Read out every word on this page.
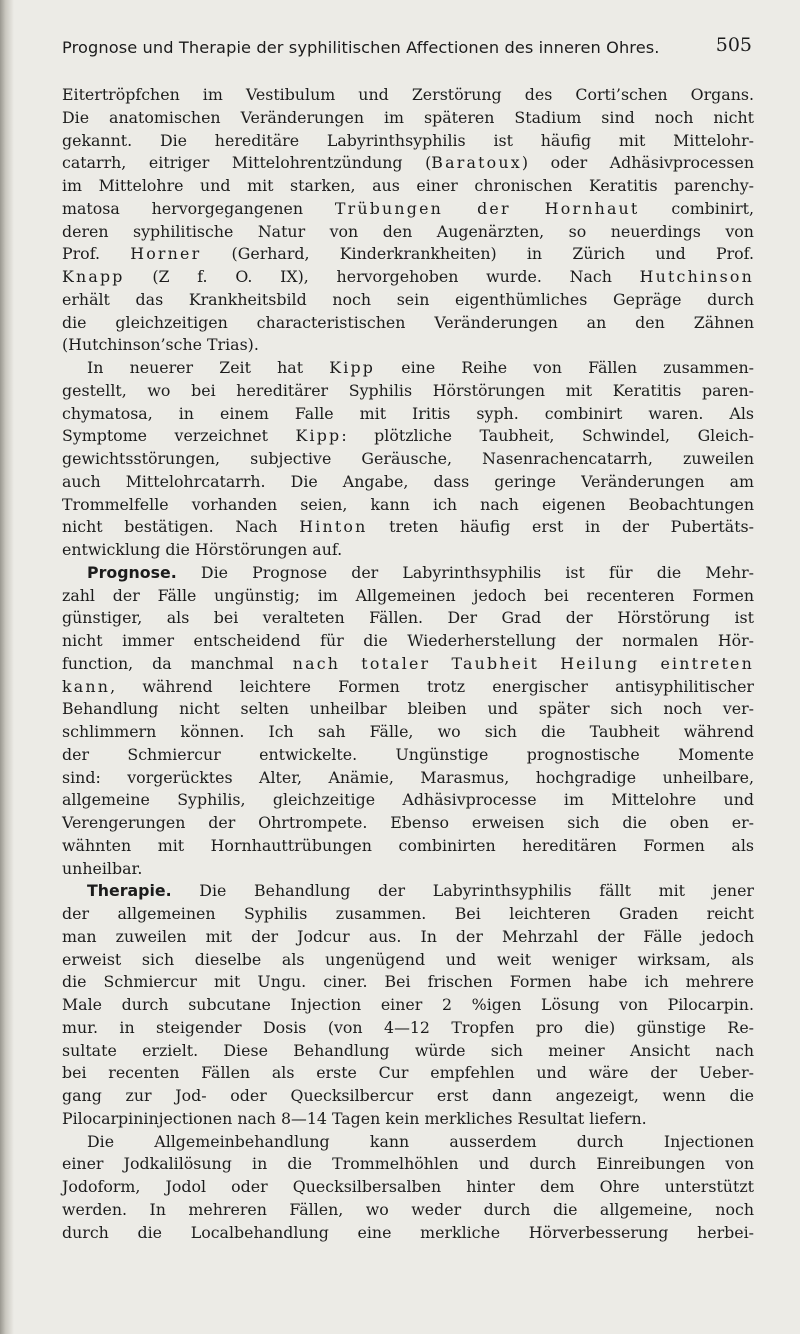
Prognose und Therapie der syphilitischen Affectionen des inneren Ohres.	505
Eitertröpfchen im Vestibulum und Zerstörung des Corti’schen Organs.
Die anatomischen Veränderungen im späteren Stadium sind noch nicht
gekannt. Die hereditäre Labyrinthsyphilis ist häufig mit Mittelohr-
catarrh, eitriger Mittelohrentzündung (Baratoux) oder Adhäsivprocessen
im Mittelohre und mit starken, aus einer chronischen Keratitis parenchy-
matosa hervorgegangenen Trübungen der Hornhaut combinirt,
deren syphilitische Natur von den Augenärzten, so neuerdings von
Prof. Horner (Gerhard, Kinderkrankheiten) in Zürich und Prof.
Knapp (Z f. O. IX), hervorgehoben wurde. Nach Hutchinson
erhält das Krankheitsbild noch sein eigenthümliches Gepräge durch
die gleichzeitigen characteristischen Veränderungen an den Zähnen
(Hutchinson’sche Trias).
In neuerer Zeit hat Kipp eine Reihe von Fällen zusammen-
gestellt, wo bei hereditärer Syphilis Hörstörungen mit Keratitis paren-
chymatosa, in einem Falle mit Iritis syph. combinirt waren. Als
Symptome verzeichnet Kipp: plötzliche Taubheit, Schwindel, Gleich-
gewichtsstörungen, subjective Geräusche, Nasenrachencatarrh, zuweilen
auch Mittelohrcatarrh. Die Angabe, dass geringe Veränderungen am
Trommelfelle vorhanden seien, kann ich nach eigenen Beobachtungen
nicht bestätigen. Nach Hinton treten häufig erst in der Pubertäts-
entwicklung die Hörstörungen auf.
Prognose. Die Prognose der Labyrinthsyphilis ist für die Mehr-
zahl der Fälle ungünstig; im Allgemeinen jedoch bei recenteren Formen
günstiger, als bei veralteten Fällen. Der Grad der Hörstörung ist
nicht immer entscheidend für die Wiederherstellung der normalen Hör-
function, da manchmal nach totaler Taubheit Heilung eintreten
kann, während leichtere Formen trotz energischer antisyphilitischer
Behandlung nicht selten unheilbar bleiben und später sich noch ver-
schlimmern können. Ich sah Fälle, wo sich die Taubheit während
der Schmiercur entwickelte. Ungünstige prognostische Momente
sind: vorgerücktes Alter, Anämie, Marasmus, hochgradige unheilbare,
allgemeine Syphilis, gleichzeitige Adhäsivprocesse im Mittelohre und
Verengerungen der Ohrtrompete. Ebenso erweisen sich die oben er-
wähnten mit Hornhauttrübungen combinirten hereditären Formen als
unheilbar.
Therapie. Die Behandlung der Labyrinthsyphilis fällt mit jener
der allgemeinen Syphilis zusammen. Bei leichteren Graden reicht
man zuweilen mit der Jodcur aus. In der Mehrzahl der Fälle jedoch
erweist sich dieselbe als ungenügend und weit weniger wirksam, als
die Schmiercur mit Ungu. ciner. Bei frischen Formen habe ich mehrere
Male durch subcutane Injection einer 2 %igen Lösung von Pilocarpin.
mur. in steigender Dosis (von 4—12 Tropfen pro die) günstige Re-
sultate erzielt. Diese Behandlung würde sich meiner Ansicht nach
bei recenten Fällen als erste Cur empfehlen und wäre der Ueber-
gang zur Jod- oder Quecksilbercur erst dann angezeigt, wenn die
Pilocarpininjectionen nach 8—14 Tagen kein merkliches Resultat liefern.
Die Allgemeinbehandlung kann ausserdem durch Injectionen
einer Jodkalilösung in die Trommelhöhlen und durch Einreibungen von
Jodoform, Jodol oder Quecksilbersalben hinter dem Ohre unterstützt
werden. In mehreren Fällen, wo weder durch die allgemeine, noch
durch die Localbehandlung eine merkliche Hörverbesserung herbei-
